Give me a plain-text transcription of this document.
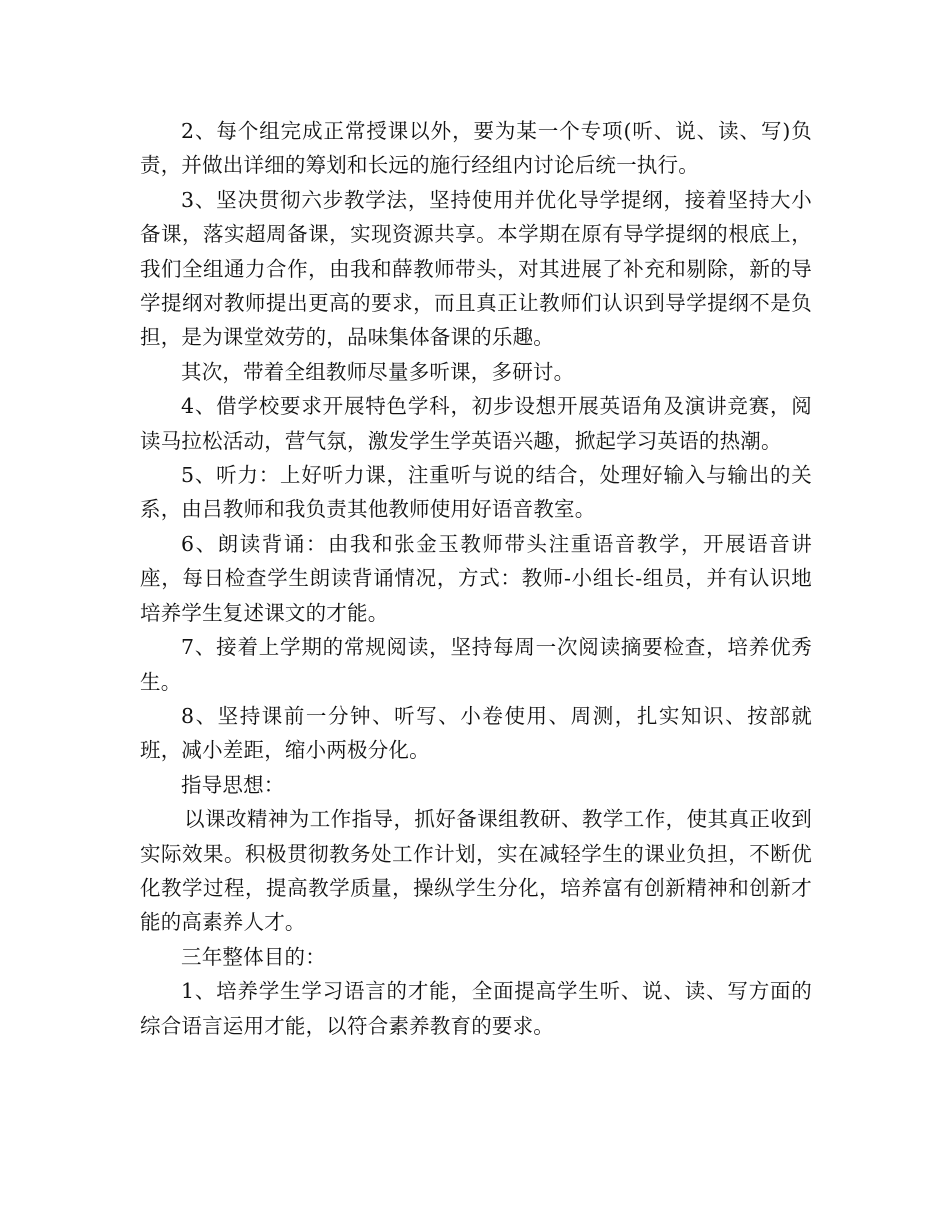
2、每个组完成正常授课以外，要为某一个专项(听、说、读、写)负责，并做出详细的筹划和长远的施行经组内讨论后统一执行。

3、坚决贯彻六步教学法，坚持使用并优化导学提纲，接着坚持大小备课，落实超周备课，实现资源共享。本学期在原有导学提纲的根底上，我们全组通力合作，由我和薛教师带头，对其进展了补充和剔除，新的导学提纲对教师提出更高的要求，而且真正让教师们认识到导学提纲不是负担，是为课堂效劳的，品味集体备课的乐趣。

其次，带着全组教师尽量多听课，多研讨。

4、借学校要求开展特色学科，初步设想开展英语角及演讲竞赛，阅读马拉松活动，营气氛，激发学生学英语兴趣，掀起学习英语的热潮。

5、听力：上好听力课，注重听与说的结合，处理好输入与输出的关系，由吕教师和我负责其他教师使用好语音教室。

6、朗读背诵：由我和张金玉教师带头注重语音教学，开展语音讲座，每日检查学生朗读背诵情况，方式：教师-小组长-组员，并有认识地培养学生复述课文的才能。

7、接着上学期的常规阅读，坚持每周一次阅读摘要检查，培养优秀生。

8、坚持课前一分钟、听写、小卷使用、周测，扎实知识、按部就班，减小差距，缩小两极分化。

指导思想：

以课改精神为工作指导，抓好备课组教研、教学工作，使其真正收到实际效果。积极贯彻教务处工作计划，实在减轻学生的课业负担，不断优化教学过程，提高教学质量，操纵学生分化，培养富有创新精神和创新才能的高素养人才。

三年整体目的：

1、培养学生学习语言的才能，全面提高学生听、说、读、写方面的综合语言运用才能，以符合素养教育的要求。
